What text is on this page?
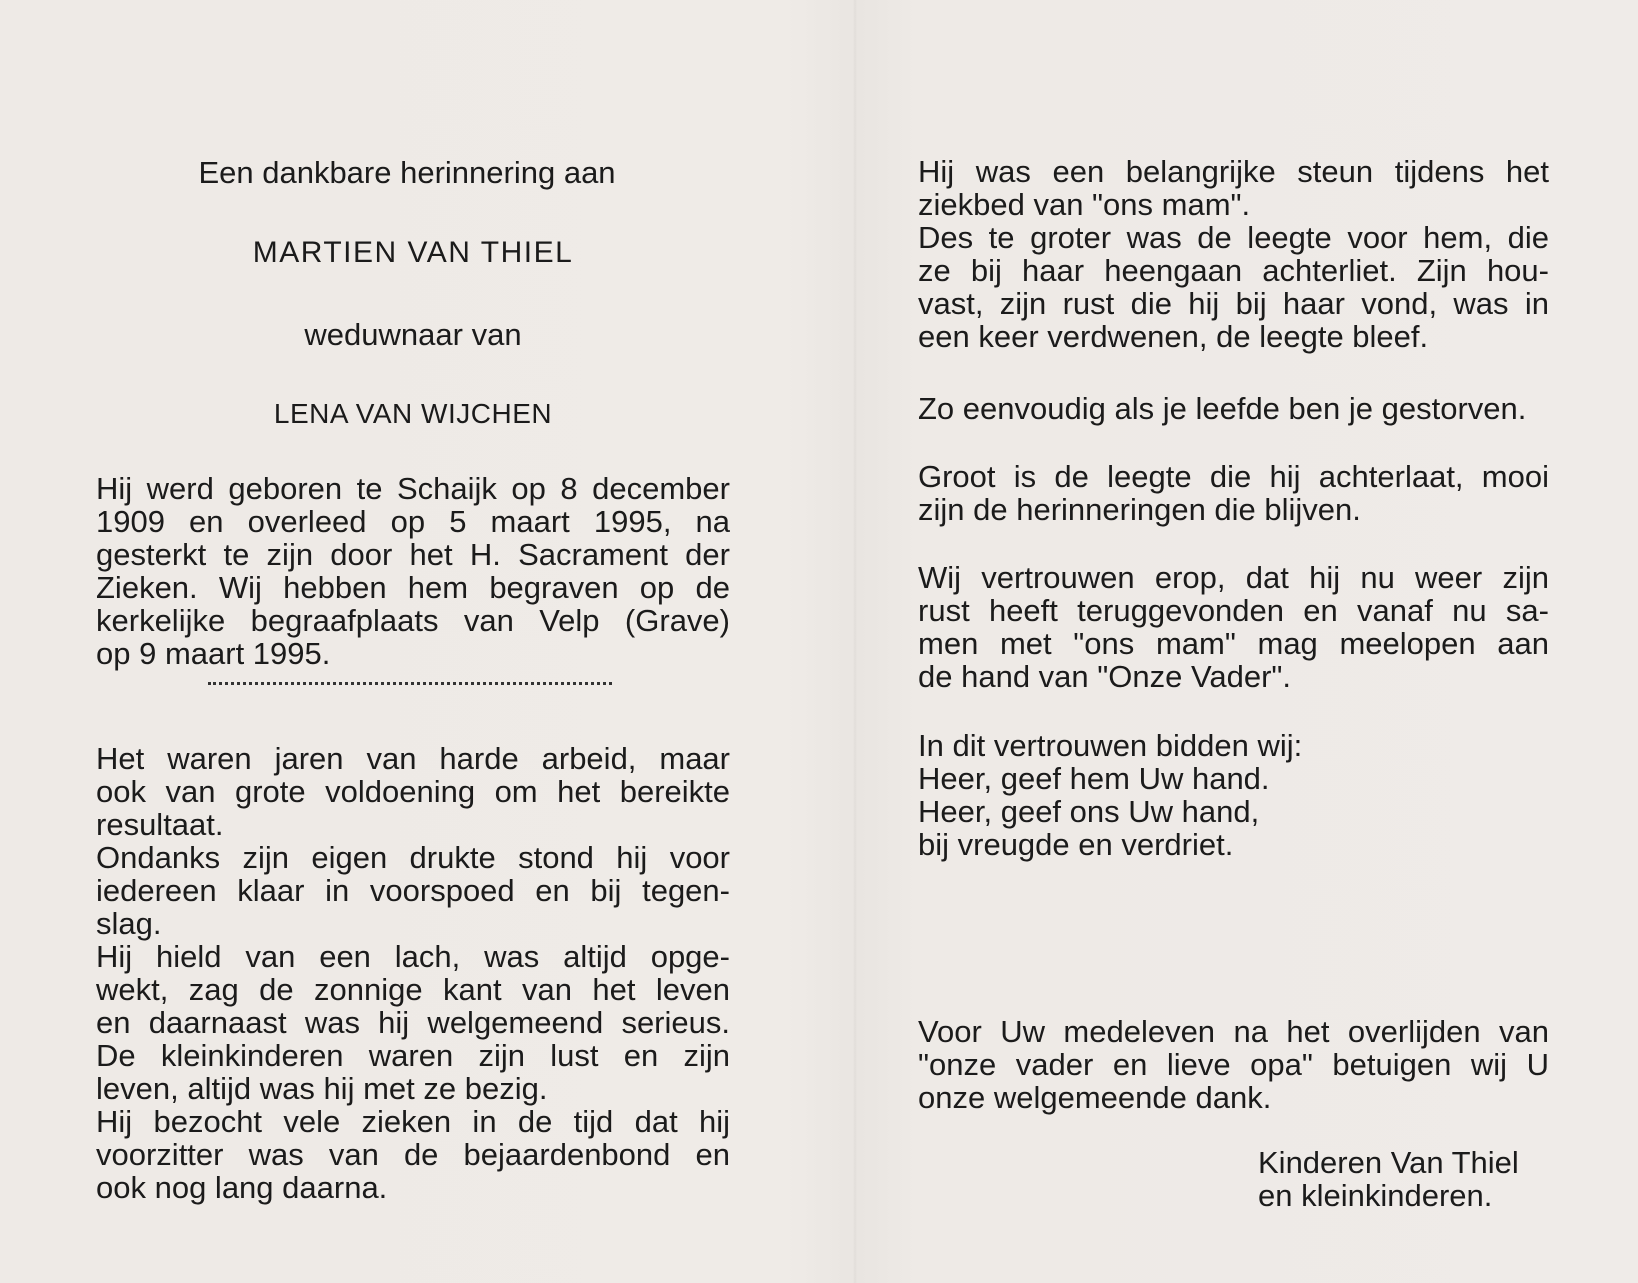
Een dankbare herinnering aan
MARTIEN VAN THIEL
weduwnaar van
LENA VAN WIJCHEN
Hij werd geboren te Schaijk op 8 december
1909 en overleed op 5 maart 1995, na
gesterkt te zijn door het H. Sacrament der
Zieken. Wij hebben hem begraven op de
kerkelijke begraafplaats van Velp (Grave)
op 9 maart 1995.
Het waren jaren van harde arbeid, maar
ook van grote voldoening om het bereikte
resultaat.
Ondanks zijn eigen drukte stond hij voor
iedereen klaar in voorspoed en bij tegen-
slag.
Hij hield van een lach, was altijd opge-
wekt, zag de zonnige kant van het leven
en daarnaast was hij welgemeend serieus.
De kleinkinderen waren zijn lust en zijn
leven, altijd was hij met ze bezig.
Hij bezocht vele zieken in de tijd dat hij
voorzitter was van de bejaardenbond en
ook nog lang daarna.
Hij was een belangrijke steun tijdens het
ziekbed van "ons mam".
Des te groter was de leegte voor hem, die
ze bij haar heengaan achterliet. Zijn hou-
vast, zijn rust die hij bij haar vond, was in
een keer verdwenen, de leegte bleef.
Zo eenvoudig als je leefde ben je gestorven.
Groot is de leegte die hij achterlaat, mooi
zijn de herinneringen die blijven.
Wij vertrouwen erop, dat hij nu weer zijn
rust heeft teruggevonden en vanaf nu sa-
men met "ons mam" mag meelopen aan
de hand van "Onze Vader".
In dit vertrouwen bidden wij:
Heer, geef hem Uw hand.
Heer, geef ons Uw hand,
bij vreugde en verdriet.
Voor Uw medeleven na het overlijden van
"onze vader en lieve opa" betuigen wij U
onze welgemeende dank.
Kinderen Van Thiel
en kleinkinderen.
